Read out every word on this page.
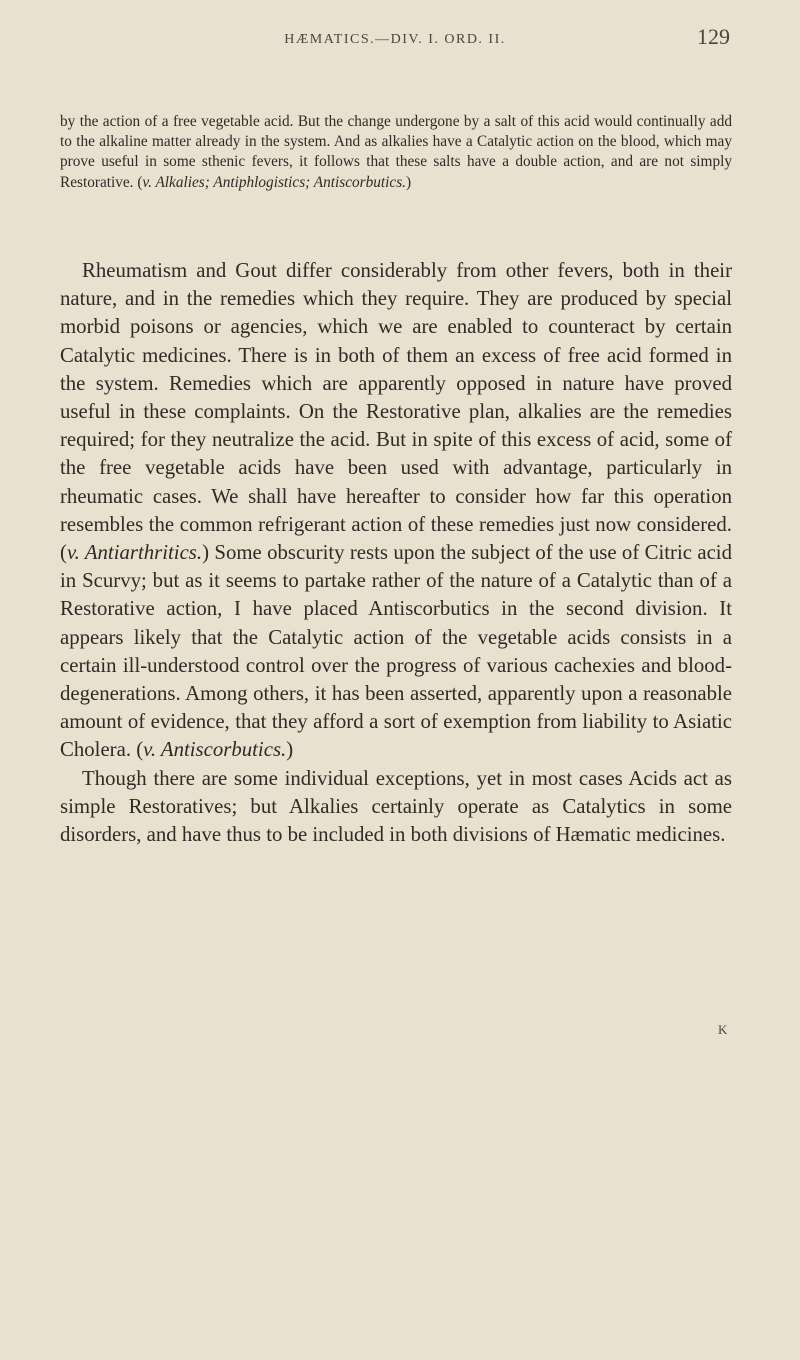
HÆMATICS.—DIV. I. ORD. II.	129
by the action of a free vegetable acid. But the change undergone by a salt of this acid would continually add to the alkaline matter already in the system. And as alkalies have a Catalytic action on the blood, which may prove useful in some sthenic fevers, it follows that these salts have a double action, and are not simply Restorative. (v. Alkalies; Antiphlogistics; Antiscorbutics.)

Rheumatism and Gout differ considerably from other fevers, both in their nature, and in the remedies which they require. They are produced by special morbid poisons or agencies, which we are enabled to counteract by certain Catalytic medicines. There is in both of them an excess of free acid formed in the system. Remedies which are apparently opposed in nature have proved useful in these complaints. On the Restorative plan, alkalies are the remedies required; for they neutralize the acid. But in spite of this excess of acid, some of the free vegetable acids have been used with advantage, particularly in rheumatic cases. We shall have hereafter to consider how far this operation resembles the common refrigerant action of these remedies just now considered. (v. Antiarthritics.) Some obscurity rests upon the subject of the use of Citric acid in Scurvy; but as it seems to partake rather of the nature of a Catalytic than of a Restorative action, I have placed Antiscorbutics in the second division. It appears likely that the Catalytic action of the vegetable acids consists in a certain ill-understood control over the progress of various cachexies and blood-degenerations. Among others, it has been asserted, apparently upon a reasonable amount of evidence, that they afford a sort of exemption from liability to Asiatic Cholera. (v. Antiscorbutics.)

Though there are some individual exceptions, yet in most cases Acids act as simple Restoratives; but Alkalies certainly operate as Catalytics in some disorders, and have thus to be included in both divisions of Hæmatic medicines.

K
